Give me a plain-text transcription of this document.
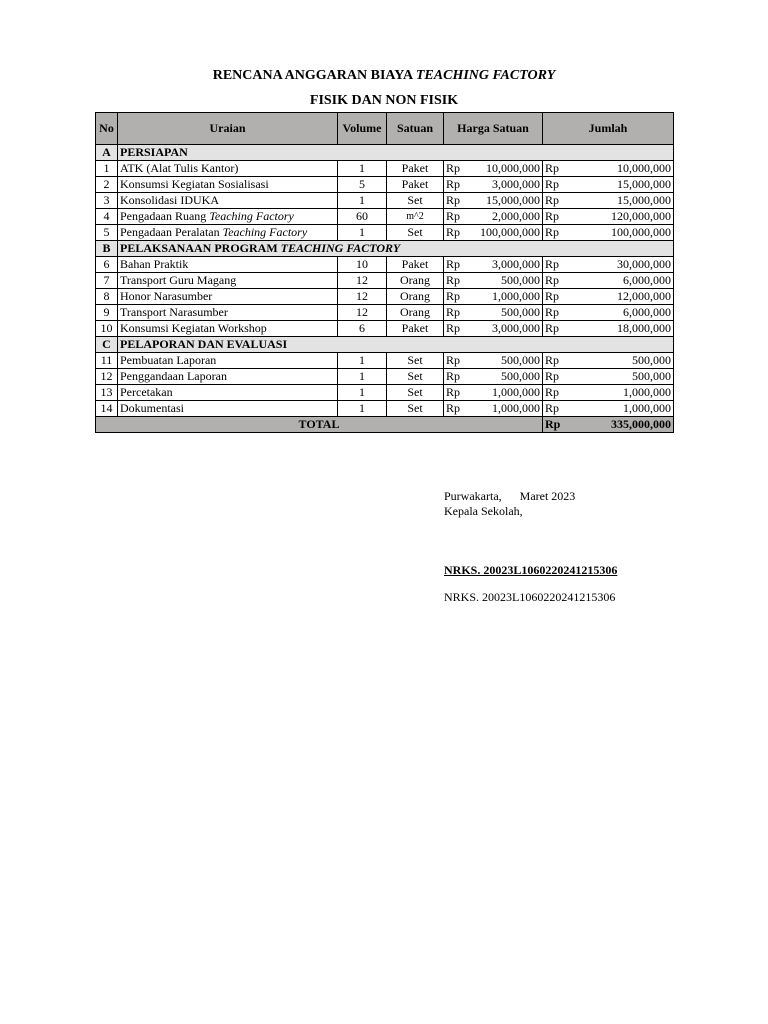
RENCANA ANGGARAN BIAYA TEACHING FACTORY
FISIK DAN NON FISIK
No	Uraian	Volume	Satuan	Harga Satuan		Jumlah	
A	PERSIAPAN						
1	ATK (Alat Tulis Kantor)	1	Paket	Rp	10,000,000	Rp	10,000,000
2	Konsumsi Kegiatan Sosialisasi	5	Paket	Rp	3,000,000	Rp	15,000,000
3	Konsolidasi IDUKA	1	Set	Rp	15,000,000	Rp	15,000,000
4	Pengadaan Ruang Teaching Factory	60	m^2	Rp	2,000,000	Rp	120,000,000
5	Pengadaan Peralatan Teaching Factory	1	Set	Rp	100,000,000	Rp	100,000,000
B	PELAKSANAAN PROGRAM TEACHING FACTORY						
6	Bahan Praktik	10	Paket	Rp	3,000,000	Rp	30,000,000
7	Transport Guru Magang	12	Orang	Rp	500,000	Rp	6,000,000
8	Honor Narasumber	12	Orang	Rp	1,000,000	Rp	12,000,000
9	Transport Narasumber	12	Orang	Rp	500,000	Rp	6,000,000
10	Konsumsi Kegiatan Workshop	6	Paket	Rp	3,000,000	Rp	18,000,000
C	PELAPORAN DAN EVALUASI						
11	Pembuatan Laporan	1	Set	Rp	500,000	Rp	500,000
12	Penggandaan Laporan	1	Set	Rp	500,000	Rp	500,000
13	Percetakan	1	Set	Rp	1,000,000	Rp	1,000,000
14	Dokumentasi	1	Set	Rp	1,000,000	Rp	1,000,000
TOTAL						Rp	335,000,000
Purwakarta,      Maret 2023
Kepala Sekolah,
NRKS. 20023L1060220241215306
NRKS. 20023L1060220241215306
